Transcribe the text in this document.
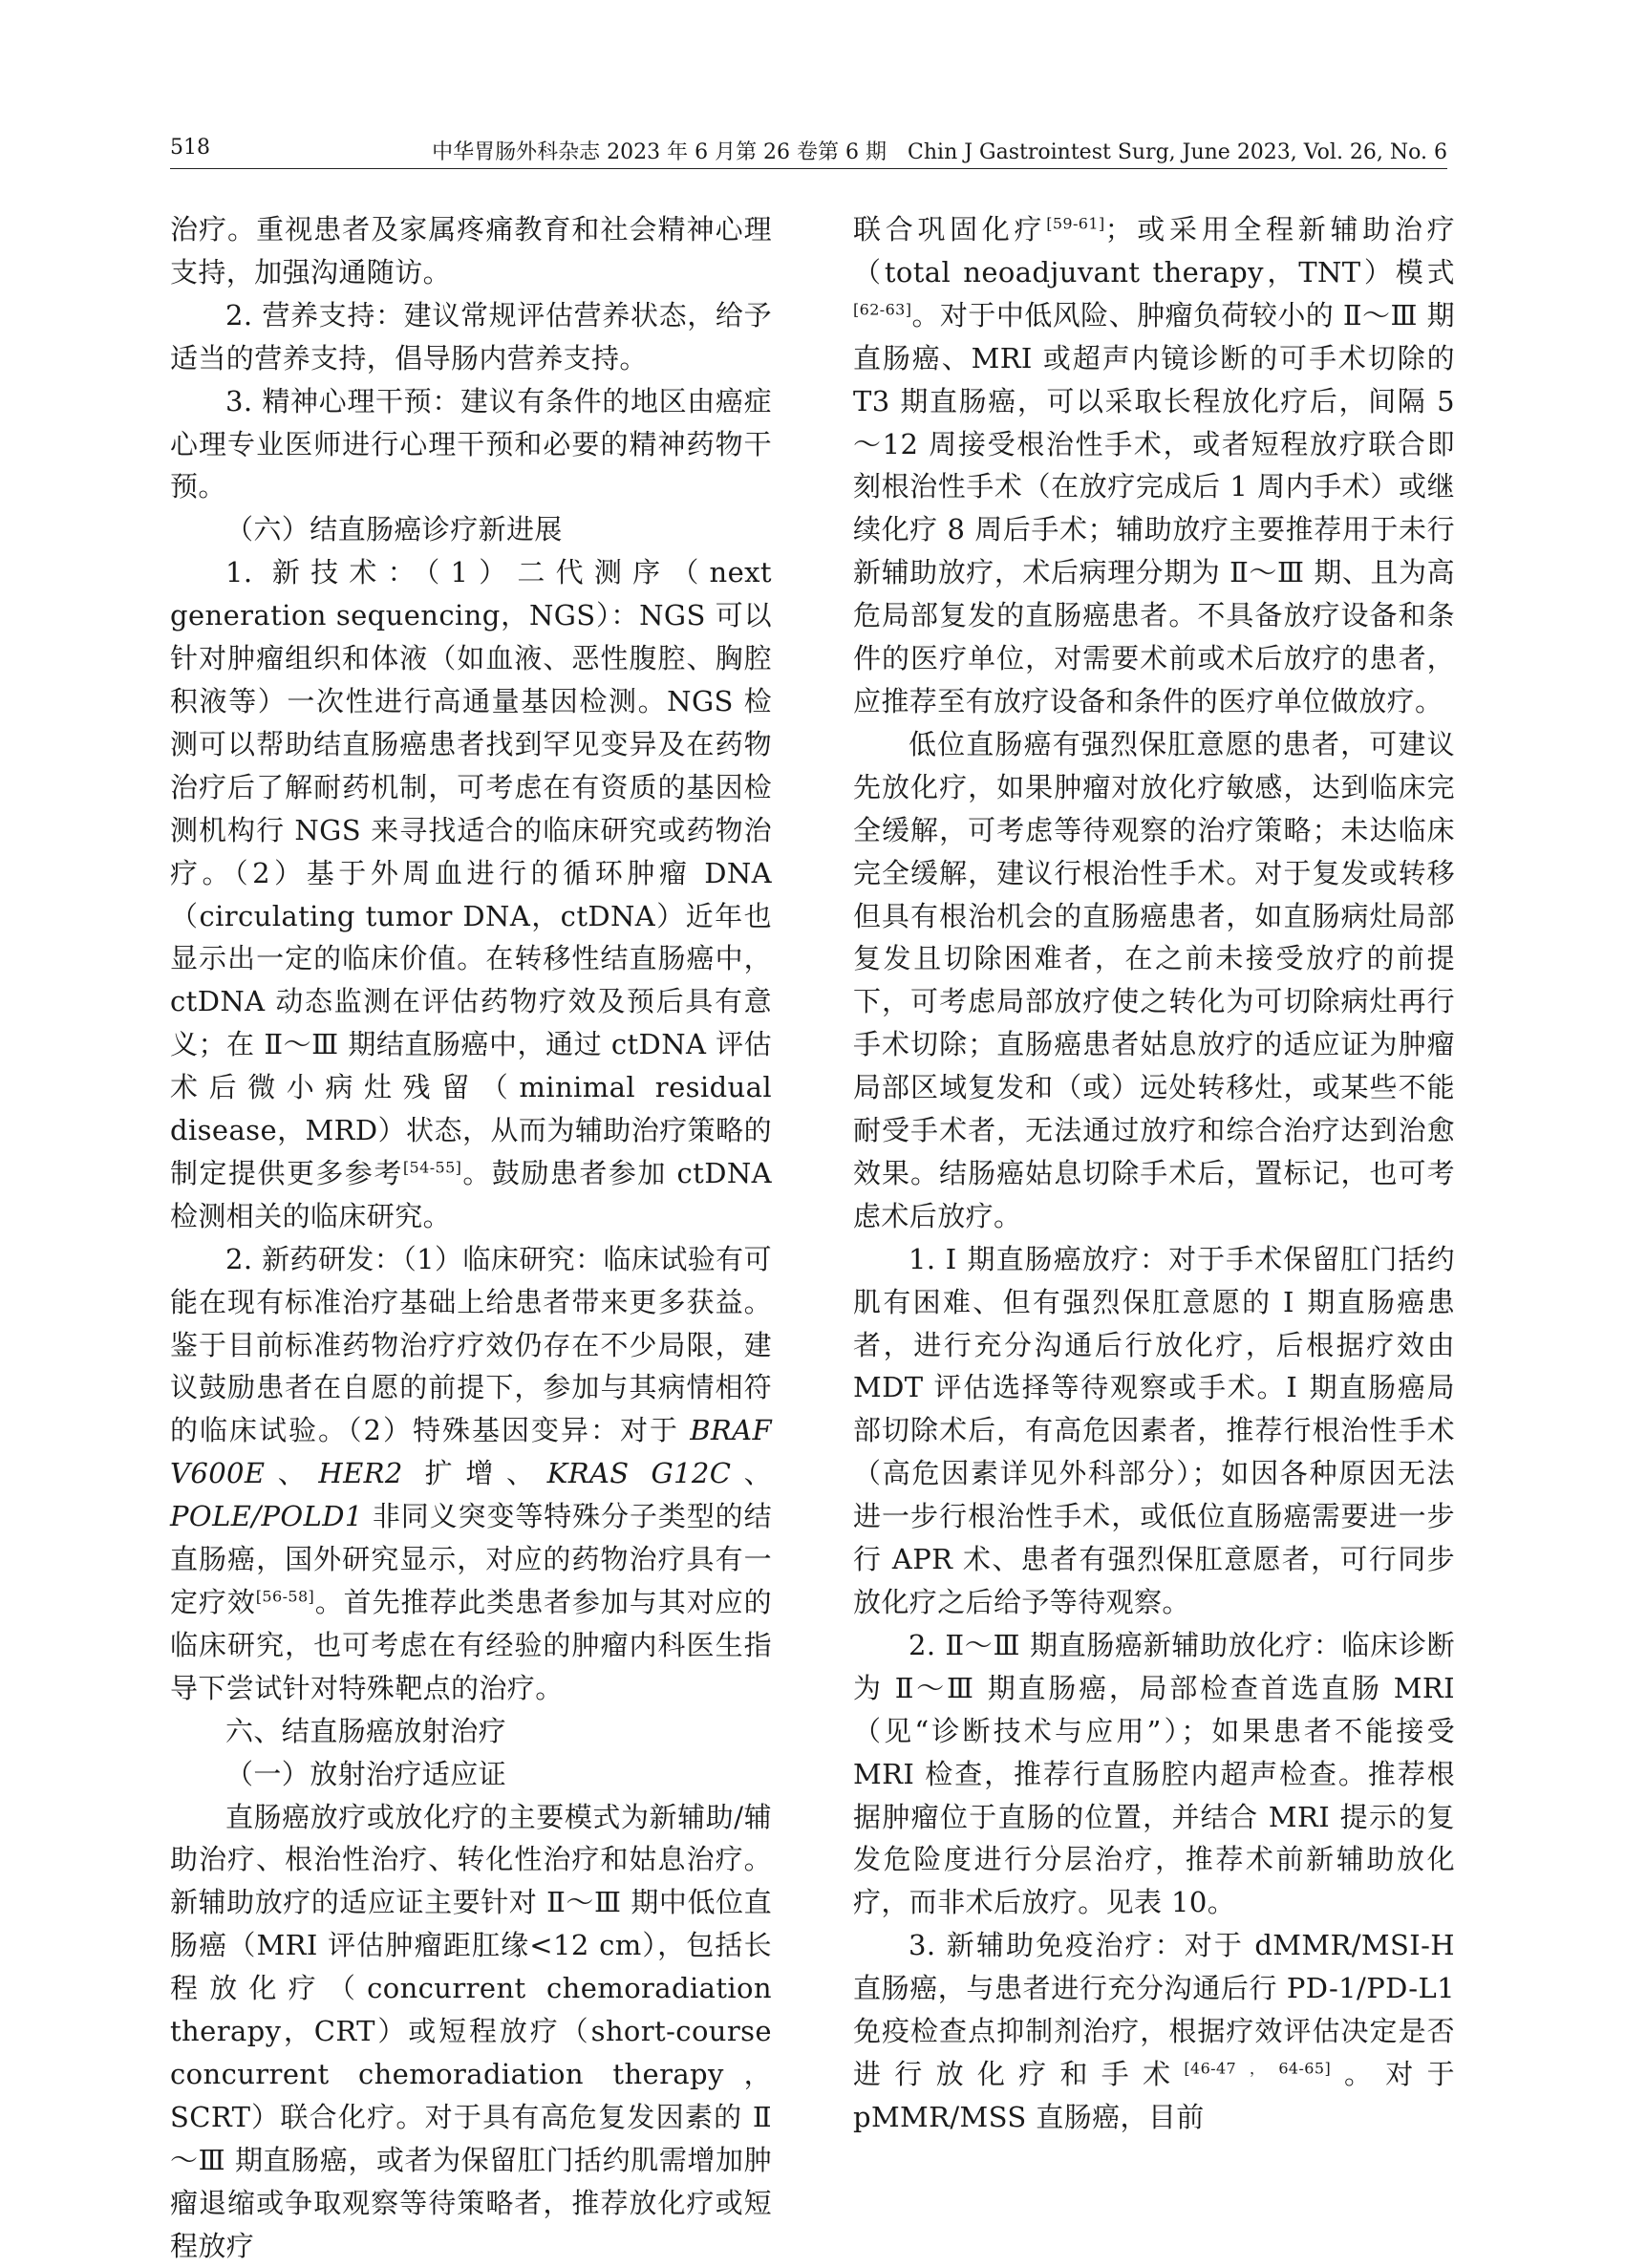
518	中华胃肠外科杂志 2023 年 6 月第 26 卷第 6 期　Chin J Gastrointest Surg, June 2023, Vol. 26, No. 6

治疗。重视患者及家属疼痛教育和社会精神心理支持，加强沟通随访。

2. 营养支持：建议常规评估营养状态，给予适当的营养支持，倡导肠内营养支持。

3. 精神心理干预：建议有条件的地区由癌症心理专业医师进行心理干预和必要的精神药物干预。

（六）结直肠癌诊疗新进展

1. 新技术：（1）二代测序（next generation sequencing，NGS）：NGS 可以针对肿瘤组织和体液（如血液、恶性腹腔、胸腔积液等）一次性进行高通量基因检测。NGS 检测可以帮助结直肠癌患者找到罕见变异及在药物治疗后了解耐药机制，可考虑在有资质的基因检测机构行 NGS 来寻找适合的临床研究或药物治疗。（2）基于外周血进行的循环肿瘤 DNA（circulating tumor DNA，ctDNA）近年也显示出一定的临床价值。在转移性结直肠癌中，ctDNA 动态监测在评估药物疗效及预后具有意义；在 Ⅱ～Ⅲ 期结直肠癌中，通过 ctDNA 评估术后微小病灶残留（minimal residual disease，MRD）状态，从而为辅助治疗策略的制定提供更多参考[54-55]。鼓励患者参加 ctDNA 检测相关的临床研究。

2. 新药研发：（1）临床研究：临床试验有可能在现有标准治疗基础上给患者带来更多获益。鉴于目前标准药物治疗疗效仍存在不少局限，建议鼓励患者在自愿的前提下，参加与其病情相符的临床试验。（2）特殊基因变异：对于 BRAF V600E、HER2 扩增、KRAS G12C、POLE/POLD1 非同义突变等特殊分子类型的结直肠癌，国外研究显示，对应的药物治疗具有一定疗效[56-58]。首先推荐此类患者参加与其对应的临床研究，也可考虑在有经验的肿瘤内科医生指导下尝试针对特殊靶点的治疗。

六、结直肠癌放射治疗

（一）放射治疗适应证

直肠癌放疗或放化疗的主要模式为新辅助/辅助治疗、根治性治疗、转化性治疗和姑息治疗。新辅助放疗的适应证主要针对 Ⅱ～Ⅲ 期中低位直肠癌（MRI 评估肿瘤距肛缘<12 cm），包括长程放化疗（concurrent chemoradiation therapy，CRT）或短程放疗（short-course concurrent chemoradiation therapy，SCRT）联合化疗。对于具有高危复发因素的 Ⅱ～Ⅲ 期直肠癌，或者为保留肛门括约肌需增加肿瘤退缩或争取观察等待策略者，推荐放化疗或短程放疗

联合巩固化疗[59-61]；或采用全程新辅助治疗（total neoadjuvant therapy，TNT）模式[62-63]。对于中低风险、肿瘤负荷较小的 Ⅱ～Ⅲ 期直肠癌、MRI 或超声内镜诊断的可手术切除的 T3 期直肠癌，可以采取长程放化疗后，间隔 5～12 周接受根治性手术，或者短程放疗联合即刻根治性手术（在放疗完成后 1 周内手术）或继续化疗 8 周后手术；辅助放疗主要推荐用于未行新辅助放疗，术后病理分期为 Ⅱ～Ⅲ 期、且为高危局部复发的直肠癌患者。不具备放疗设备和条件的医疗单位，对需要术前或术后放疗的患者，应推荐至有放疗设备和条件的医疗单位做放疗。

低位直肠癌有强烈保肛意愿的患者，可建议先放化疗，如果肿瘤对放化疗敏感，达到临床完全缓解，可考虑等待观察的治疗策略；未达临床完全缓解，建议行根治性手术。对于复发或转移但具有根治机会的直肠癌患者，如直肠病灶局部复发且切除困难者，在之前未接受放疗的前提下，可考虑局部放疗使之转化为可切除病灶再行手术切除；直肠癌患者姑息放疗的适应证为肿瘤局部区域复发和（或）远处转移灶，或某些不能耐受手术者，无法通过放疗和综合治疗达到治愈效果。结肠癌姑息切除手术后，置标记，也可考虑术后放疗。

1. Ⅰ 期直肠癌放疗：对于手术保留肛门括约肌有困难、但有强烈保肛意愿的 Ⅰ 期直肠癌患者，进行充分沟通后行放化疗，后根据疗效由 MDT 评估选择等待观察或手术。Ⅰ 期直肠癌局部切除术后，有高危因素者，推荐行根治性手术（高危因素详见外科部分）；如因各种原因无法进一步行根治性手术，或低位直肠癌需要进一步行 APR 术、患者有强烈保肛意愿者，可行同步放化疗之后给予等待观察。

2. Ⅱ～Ⅲ 期直肠癌新辅助放化疗：临床诊断为 Ⅱ～Ⅲ 期直肠癌，局部检查首选直肠 MRI（见“诊断技术与应用”）；如果患者不能接受 MRI 检查，推荐行直肠腔内超声检查。推荐根据肿瘤位于直肠的位置，并结合 MRI 提示的复发危险度进行分层治疗，推荐术前新辅助放化疗，而非术后放疗。见表 10。

3. 新辅助免疫治疗：对于 dMMR/MSI-H 直肠癌，与患者进行充分沟通后行 PD-1/PD-L1 免疫检查点抑制剂治疗，根据疗效评估决定是否进行放化疗和手术[46-47，64-65]。对于 pMMR/MSS 直肠癌，目前
